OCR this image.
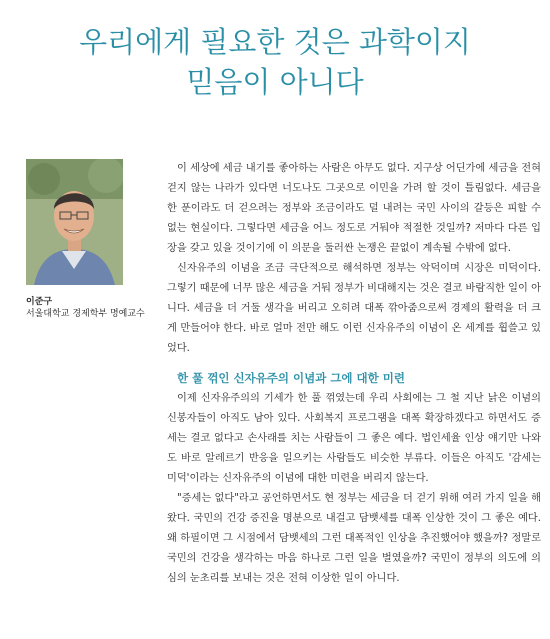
우리에게 필요한 것은 과학이지
믿음이 아니다
이준구
서울대학교 경제학부 명예교수

이 세상에 세금 내기를 좋아하는 사람은 아무도 없다. 지구상 어딘가에 세금을 전혀 걷지 않는 나라가 있다면 너도나도 그곳으로 이민을 가려 할 것이 틀림없다. 세금을 한 푼이라도 더 걷으려는 정부와 조금이라도 덜 내려는 국민 사이의 갈등은 피할 수 없는 현실이다. 그렇다면 세금을 어느 정도로 거둬야 적절한 것일까? 저마다 다른 입장을 갖고 있을 것이기에 이 의문을 둘러싼 논쟁은 끝없이 계속될 수밖에 없다.

신자유주의 이념을 조금 극단적으로 해석하면 정부는 악덕이며 시장은 미덕이다. 그렇기 때문에 너무 많은 세금을 거둬 정부가 비대해지는 것은 결코 바람직한 일이 아니다. 세금을 더 거둘 생각을 버리고 오히려 대폭 깎아줌으로써 경제의 활력을 더 크게 만들어야 한다. 바로 얼마 전만 해도 이런 신자유주의 이념이 온 세계를 휩쓸고 있었다.

한 풀 꺾인 신자유주의 이념과 그에 대한 미련

이제 신자유주의의 기세가 한 풀 꺾였는데 우리 사회에는 그 철 지난 낡은 이념의 신봉자들이 아직도 남아 있다. 사회복지 프로그램을 대폭 확장하겠다고 하면서도 증세는 결코 없다고 손사래를 치는 사람들이 그 좋은 예다. 법인세율 인상 얘기만 나와도 바로 알레르기 반응을 일으키는 사람들도 비슷한 부류다. 이들은 아직도 '감세는 미덕'이라는 신자유주의 이념에 대한 미련을 버리지 않는다.

"증세는 없다"라고 공언하면서도 현 정부는 세금을 더 걷기 위해 여러 가지 일을 해왔다. 국민의 건강 증진을 명분으로 내걸고 담뱃세를 대폭 인상한 것이 그 좋은 예다. 왜 하필이면 그 시점에서 담뱃세의 그런 대폭적인 인상을 추진했어야 했을까? 정말로 국민의 건강을 생각하는 마음 하나로 그런 일을 벌였을까? 국민이 정부의 의도에 의심의 눈초리를 보내는 것은 전혀 이상한 일이 아니다.
